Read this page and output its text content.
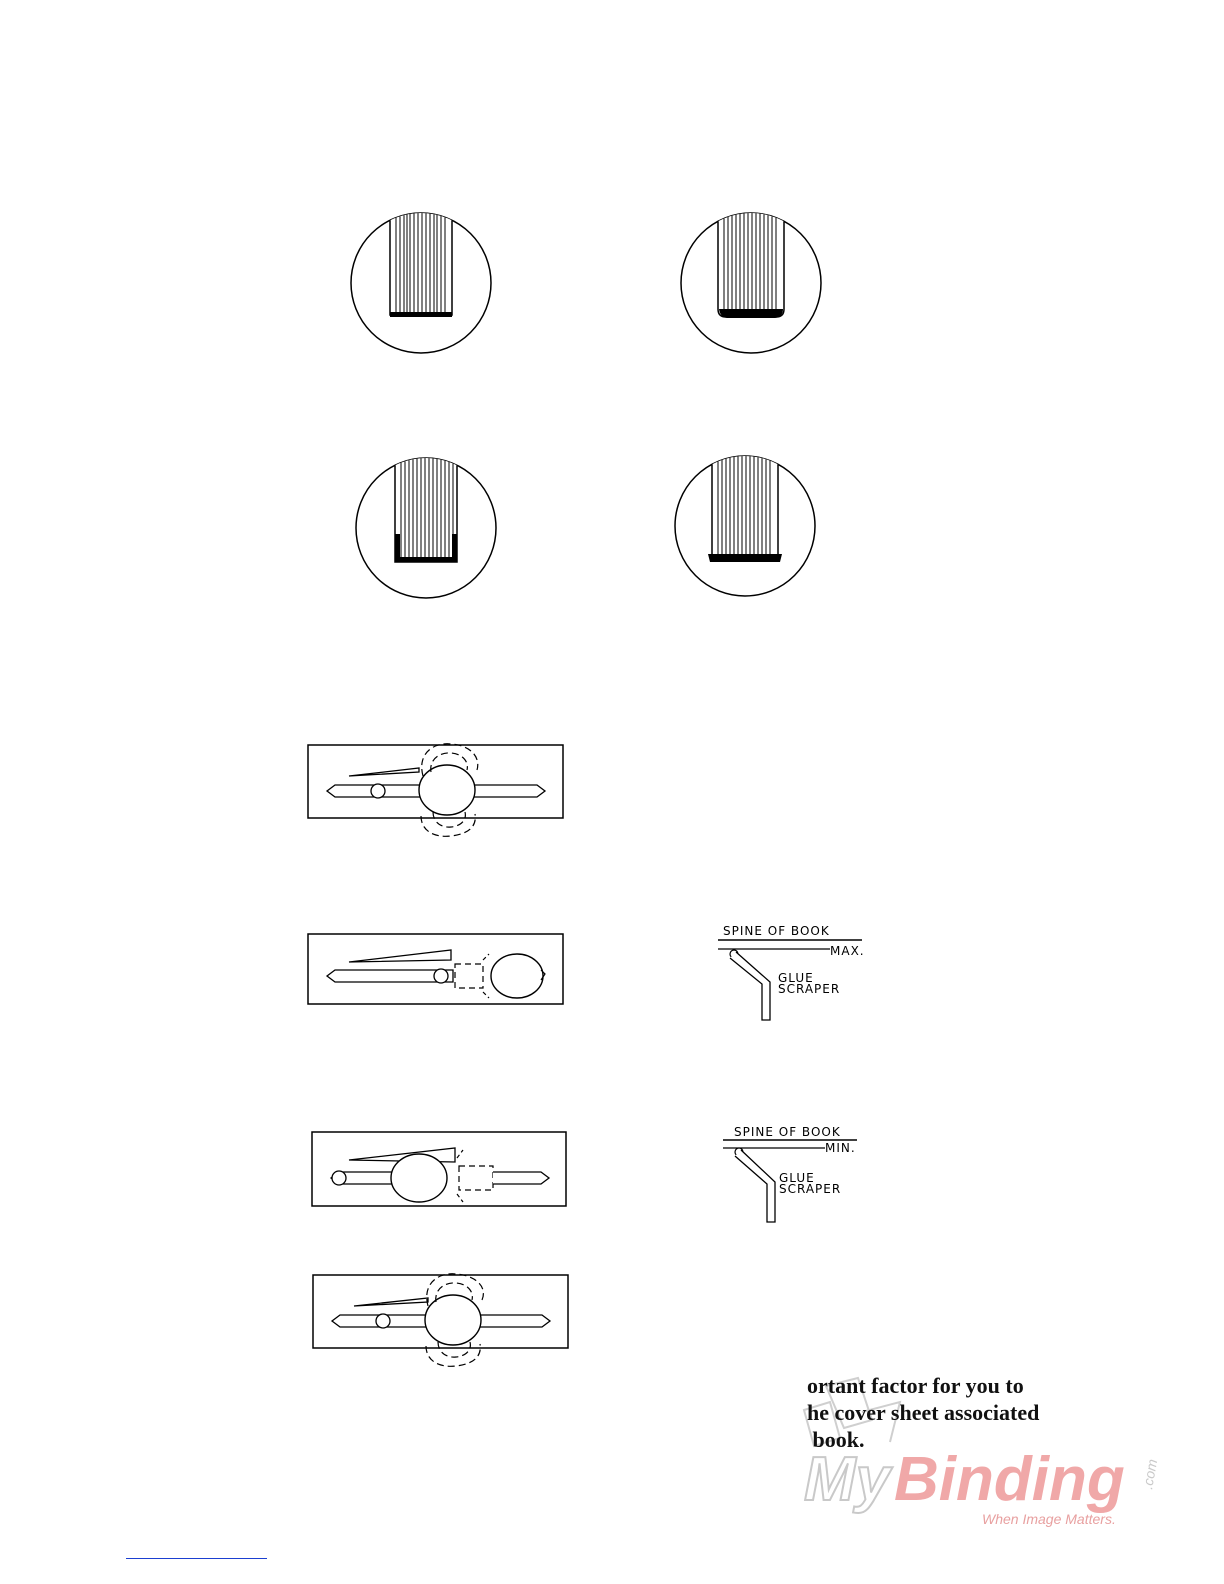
SPINE OF BOOK
MAX.
GLUE
SCRAPER
SPINE OF BOOK
MIN.
GLUE
SCRAPER
My Binding .com
When Image Matters.
ortant factor for you to
he cover sheet associated
book.
